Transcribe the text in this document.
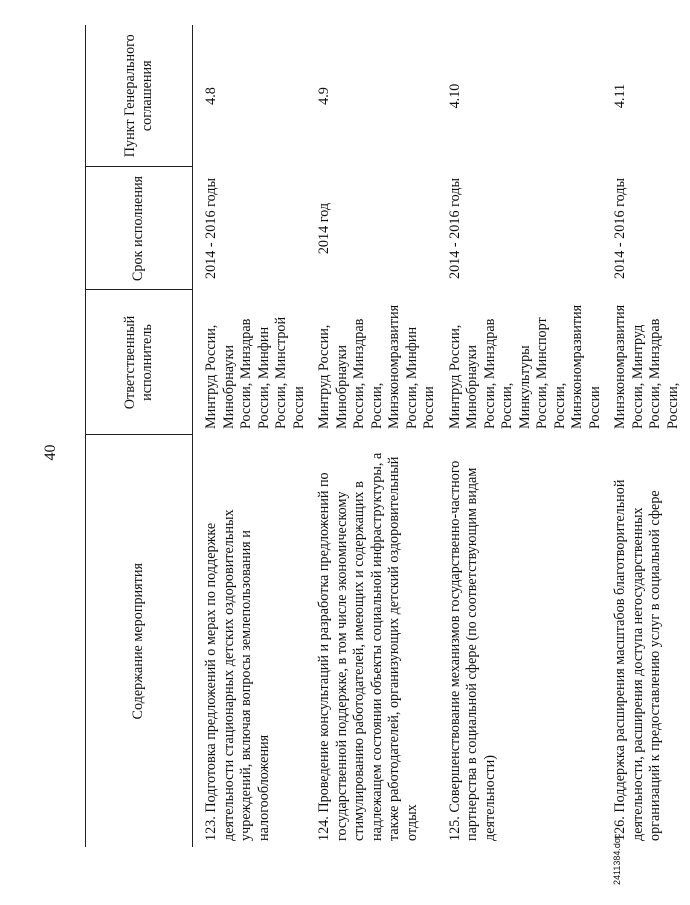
40
Содержание мероприятия	Ответственный исполнитель	Срок исполнения	Пункт Генерального соглашения
123. Подготовка предложений о мерах по поддержке деятельности стационарных детских оздоровительных учреждений, включая вопросы землепользования и налогообложения	Минтруд России, Минобрнауки России, Минздрав России, Минфин России, Минстрой России	2014 - 2016 годы	4.8
124. Проведение консультаций и разработка предложений по государственной поддержке, в том числе экономическому стимулированию работодателей, имеющих и содержащих в надлежащем состоянии объекты социальной инфраструктуры, а также работодателей, организующих детский оздоровительный отдых	Минтруд России, Минобрнауки России, Минздрав России, Минэкономразвития России, Минфин России	2014 год	4.9
125. Совершенствование механизмов государственно-частного партнерства в социальной сфере (по соответствующим видам деятельности)	Минтруд России, Минобрнауки России, Минздрав России, Минкультуры России, Минспорт России, Минэкономразвития России	2014 - 2016 годы	4.10
126. Поддержка расширения масштабов благотворительной деятельности, расширения доступа негосударственных организаций к предоставлению услуг в социальной сфере	Минэкономразвития России, Минтруд России, Минздрав России,	2014 - 2016 годы	4.11
2411384.doc
